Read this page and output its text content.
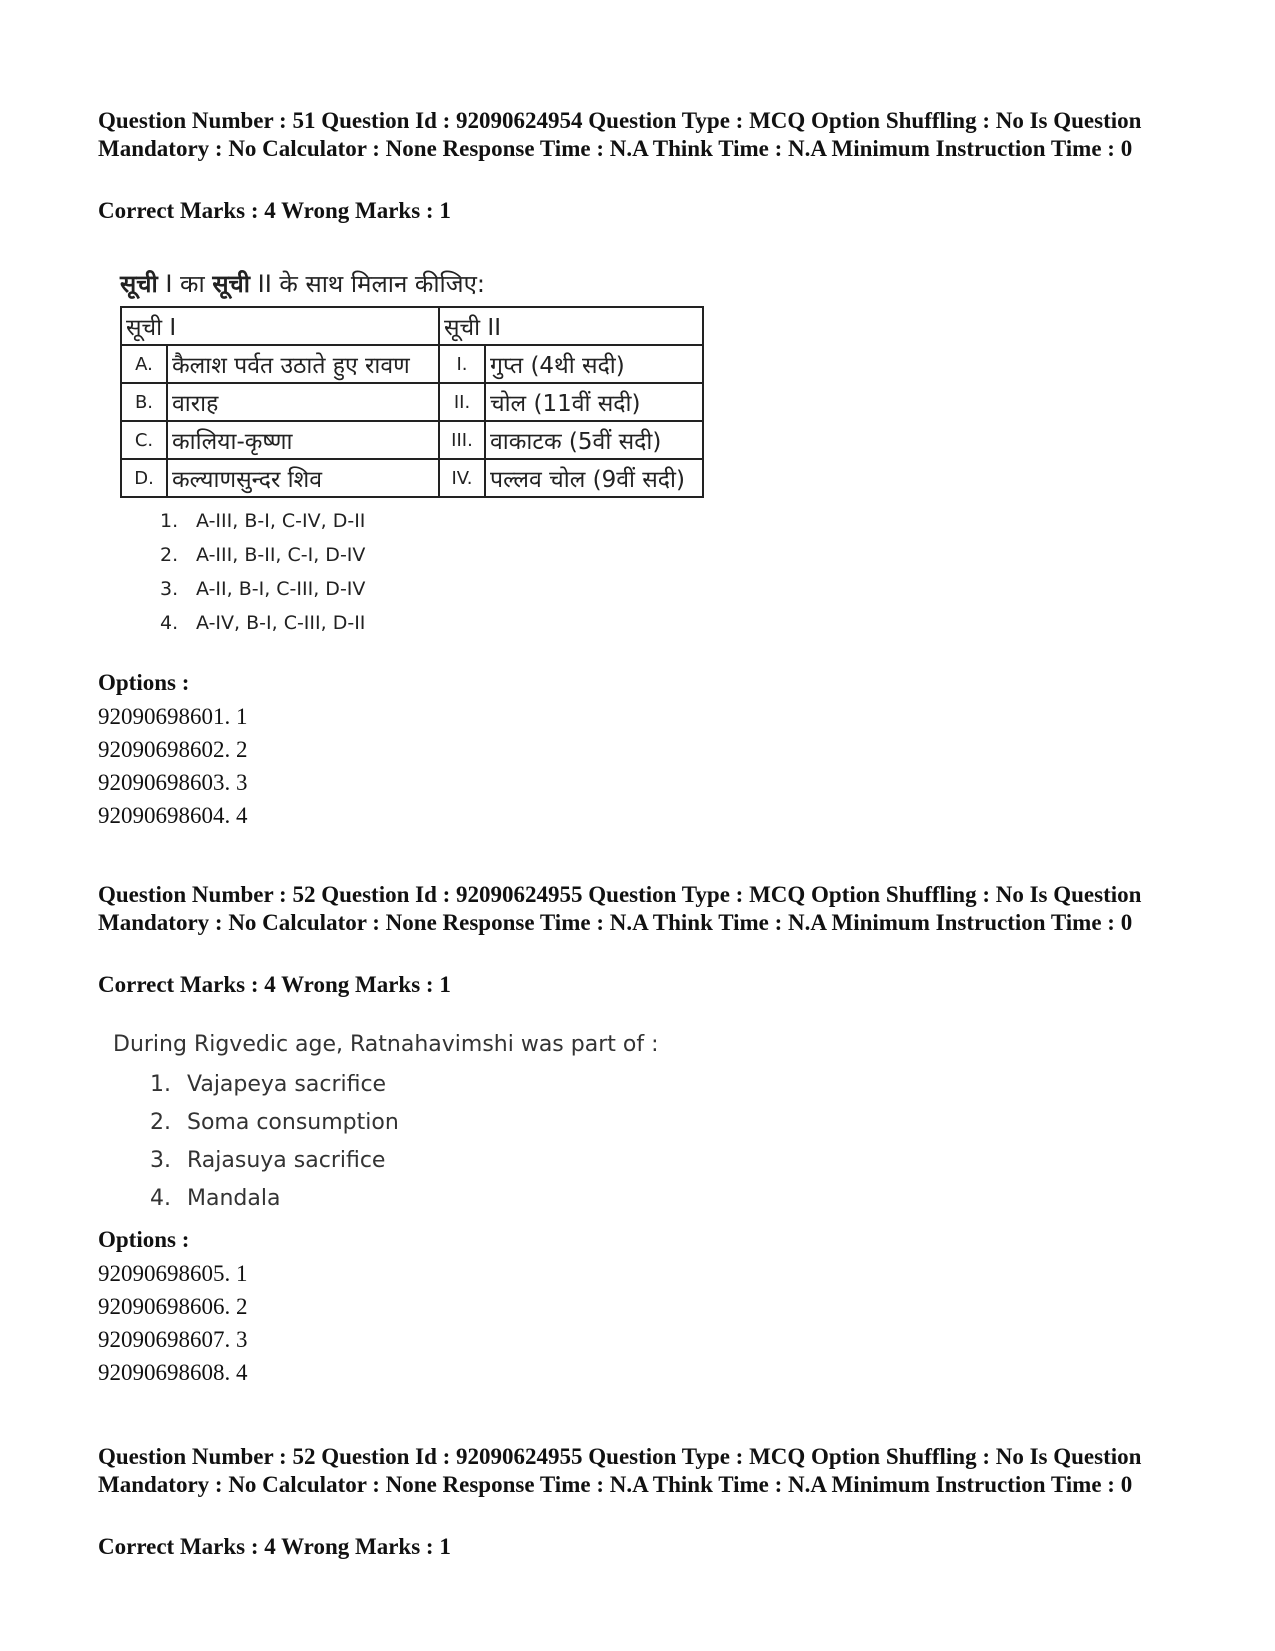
Question Number : 51 Question Id : 92090624954 Question Type : MCQ Option Shuffling : No Is Question Mandatory : No Calculator : None Response Time : N.A Think Time : N.A Minimum Instruction Time : 0

Correct Marks : 4 Wrong Marks : 1

सूची I का सूची II के साथ मिलान कीजिए:

सूची I		सूची II	
A.	कैलाश पर्वत उठाते हुए रावण	I.	गुप्त (4थी सदी)
B.	वाराह	II.	चोल (11वीं सदी)
C.	कालिया-कृष्णा	III.	वाकाटक (5वीं सदी)
D.	कल्याणसुन्दर शिव	IV.	पल्लव चोल (9वीं सदी)
1. A-III, B-I, C-IV, D-II
2. A-III, B-II, C-I, D-IV
3. A-II, B-I, C-III, D-IV
4. A-IV, B-I, C-III, D-II

Options :

92090698601. 1
92090698602. 2
92090698603. 3
92090698604. 4

Question Number : 52 Question Id : 92090624955 Question Type : MCQ Option Shuffling : No Is Question Mandatory : No Calculator : None Response Time : N.A Think Time : N.A Minimum Instruction Time : 0

Correct Marks : 4 Wrong Marks : 1

During Rigvedic age, Ratnahavimshi was part of :

1. Vajapeya sacrifice
2. Soma consumption
3. Rajasuya sacrifice
4. Mandala

Options :

92090698605. 1
92090698606. 2
92090698607. 3
92090698608. 4

Question Number : 52 Question Id : 92090624955 Question Type : MCQ Option Shuffling : No Is Question Mandatory : No Calculator : None Response Time : N.A Think Time : N.A Minimum Instruction Time : 0

Correct Marks : 4 Wrong Marks : 1
